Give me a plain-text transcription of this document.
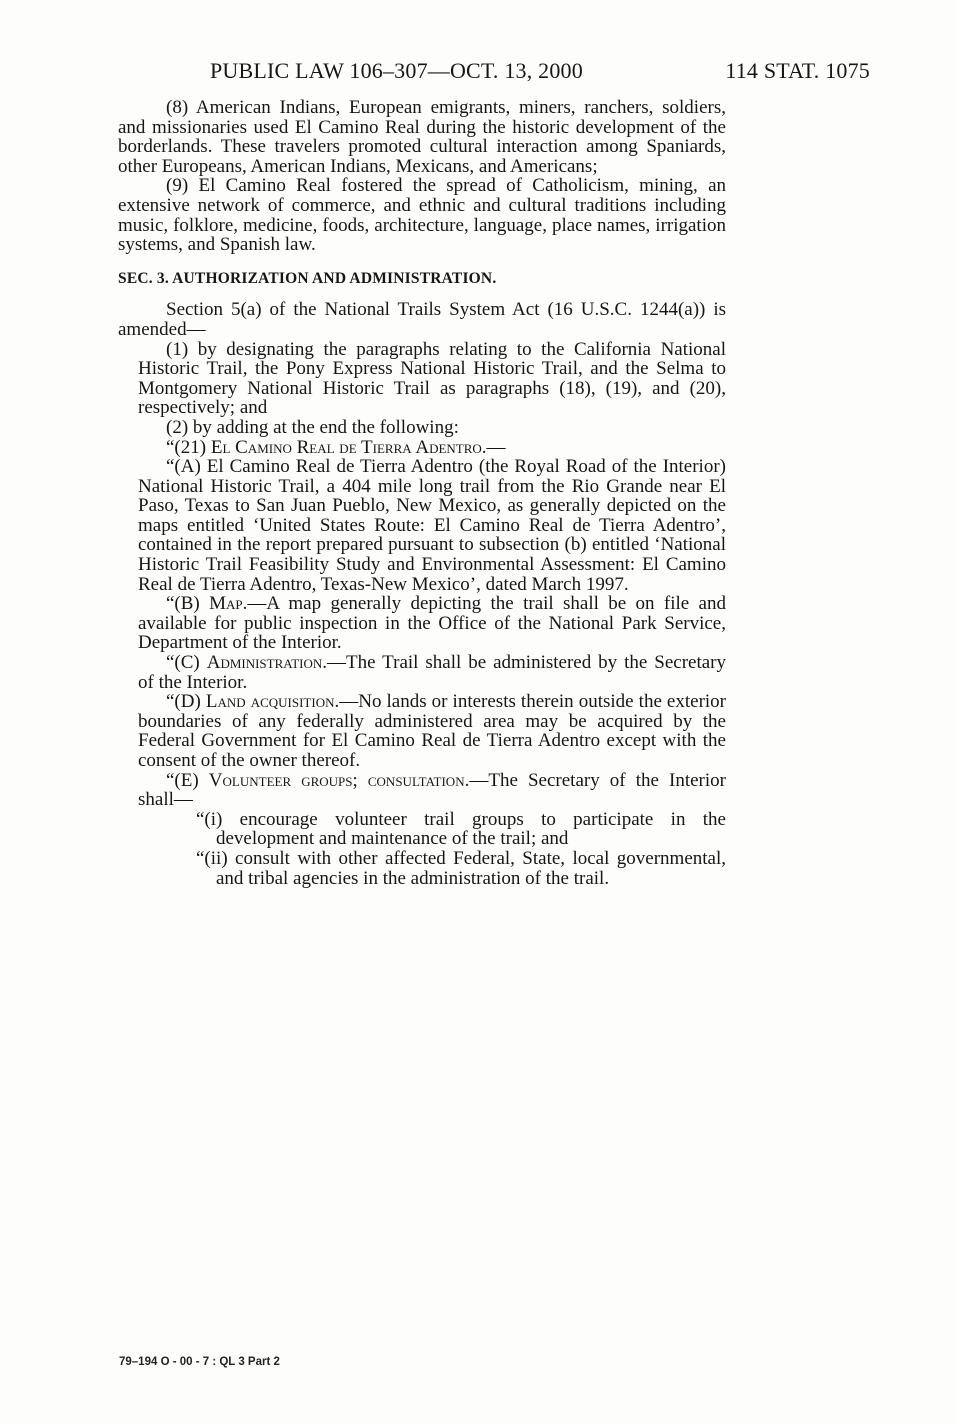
PUBLIC LAW 106–307—OCT. 13, 2000	114 STAT. 1075

(8) American Indians, European emigrants, miners, ranchers, soldiers, and missionaries used El Camino Real during the historic development of the borderlands. These travelers promoted cultural interaction among Spaniards, other Europeans, American Indians, Mexicans, and Americans;

(9) El Camino Real fostered the spread of Catholicism, mining, an extensive network of commerce, and ethnic and cultural traditions including music, folklore, medicine, foods, architecture, language, place names, irrigation systems, and Spanish law.

SEC. 3. AUTHORIZATION AND ADMINISTRATION.

Section 5(a) of the National Trails System Act (16 U.S.C. 1244(a)) is amended—

(1) by designating the paragraphs relating to the California National Historic Trail, the Pony Express National Historic Trail, and the Selma to Montgomery National Historic Trail as paragraphs (18), (19), and (20), respectively; and

(2) by adding at the end the following:

“(21) El Camino Real de Tierra Adentro.—

“(A) El Camino Real de Tierra Adentro (the Royal Road of the Interior) National Historic Trail, a 404 mile long trail from the Rio Grande near El Paso, Texas to San Juan Pueblo, New Mexico, as generally depicted on the maps entitled ‘United States Route: El Camino Real de Tierra Adentro’, contained in the report prepared pursuant to subsection (b) entitled ‘National Historic Trail Feasibility Study and Environmental Assessment: El Camino Real de Tierra Adentro, Texas-New Mexico’, dated March 1997.

“(B) Map.—A map generally depicting the trail shall be on file and available for public inspection in the Office of the National Park Service, Department of the Interior.

“(C) Administration.—The Trail shall be administered by the Secretary of the Interior.

“(D) Land acquisition.—No lands or interests therein outside the exterior boundaries of any federally administered area may be acquired by the Federal Government for El Camino Real de Tierra Adentro except with the consent of the owner thereof.

“(E) Volunteer groups; consultation.—The Secretary of the Interior shall—

“(i) encourage volunteer trail groups to participate in the development and maintenance of the trail; and

“(ii) consult with other affected Federal, State, local governmental, and tribal agencies in the administration of the trail.

79–194 O - 00 - 7 : QL 3 Part 2
